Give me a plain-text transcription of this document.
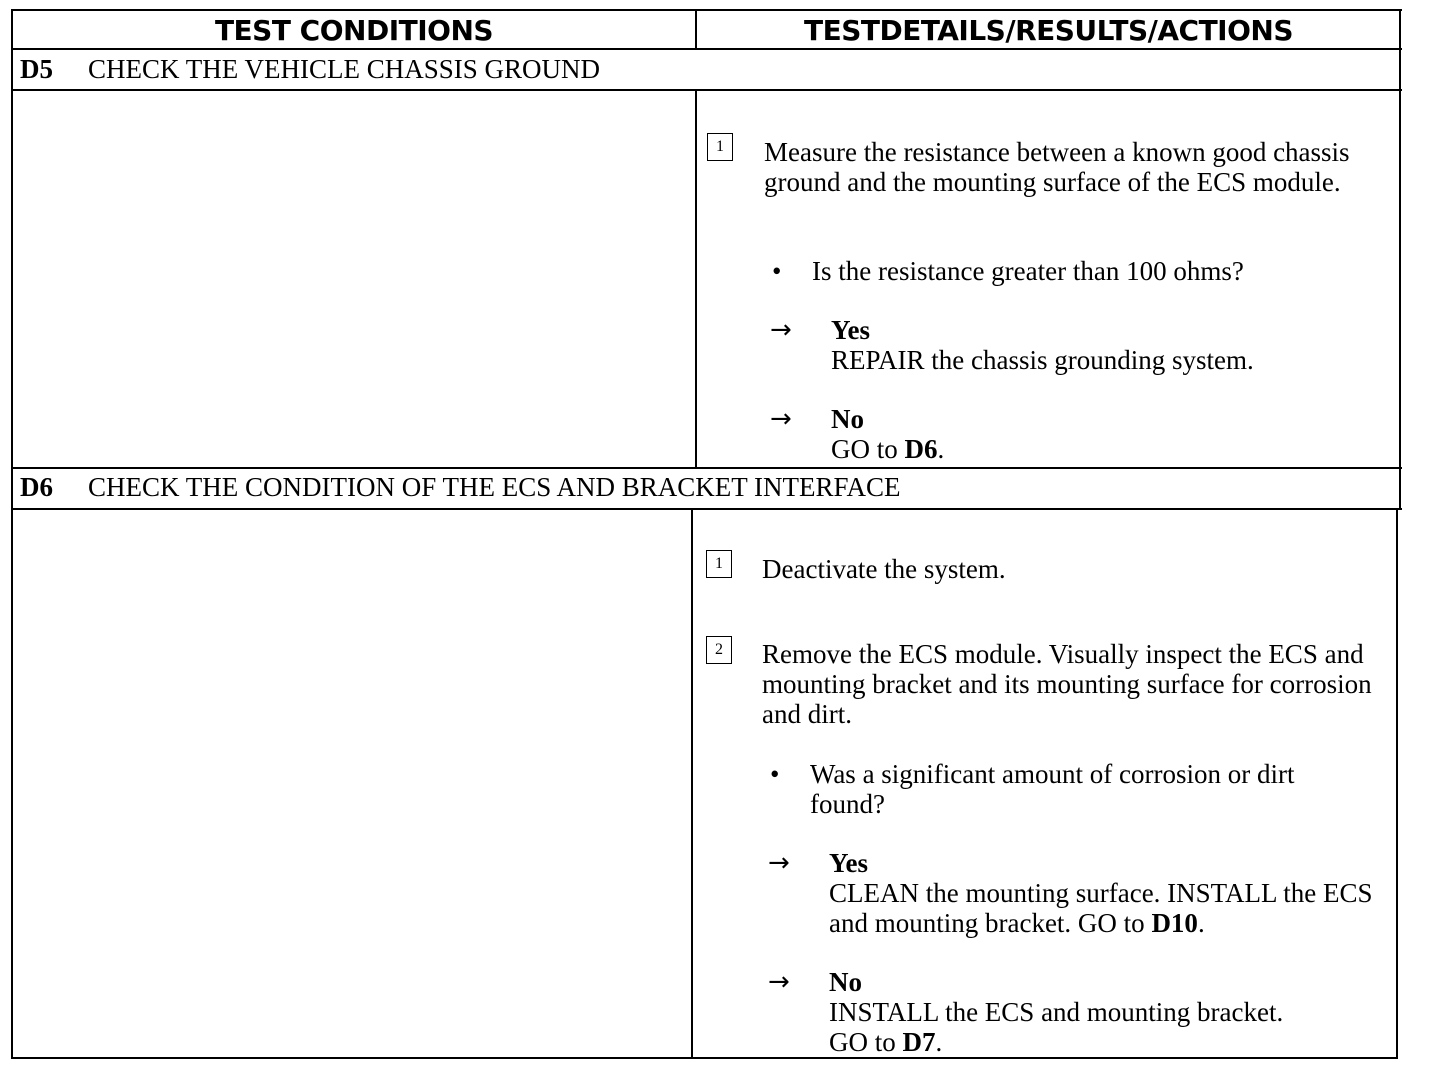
TEST CONDITIONS	TESTDETAILS/RESULTS/ACTIONS
D5 CHECK THE VEHICLE CHASSIS GROUND
1	Measure the resistance between a known good chassis ground and the mounting surface of the ECS module.
• Is the resistance greater than 100 ohms?
→ Yes
REPAIR the chassis grounding system.
→ No
GO to D6.
D6 CHECK THE CONDITION OF THE ECS AND BRACKET INTERFACE
1	Deactivate the system.
2	Remove the ECS module. Visually inspect the ECS and mounting bracket and its mounting surface for corrosion and dirt.
• Was a significant amount of corrosion or dirt found?
→ Yes
CLEAN the mounting surface. INSTALL the ECS and mounting bracket. GO to D10.
→ No
INSTALL the ECS and mounting bracket.
GO to D7.
